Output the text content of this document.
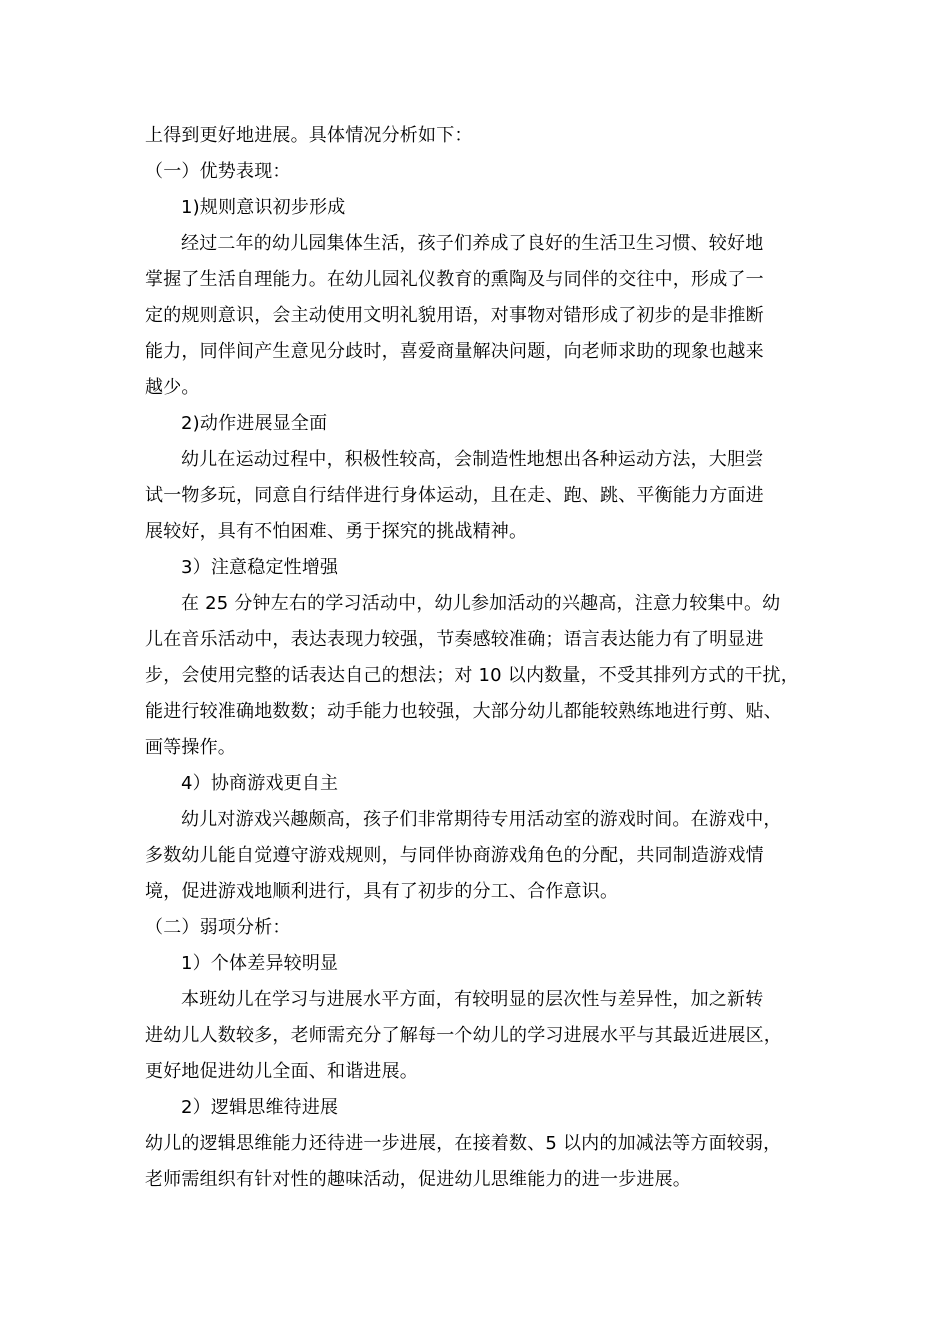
上得到更好地进展。具体情况分析如下：
（一）优势表现：
1)规则意识初步形成
经过二年的幼儿园集体生活，孩子们养成了良好的生活卫生习惯、较好地
掌握了生活自理能力。在幼儿园礼仪教育的熏陶及与同伴的交往中，形成了一
定的规则意识，会主动使用文明礼貌用语，对事物对错形成了初步的是非推断
能力，同伴间产生意见分歧时，喜爱商量解决问题，向老师求助的现象也越来
越少。
2)动作进展显全面
幼儿在运动过程中，积极性较高，会制造性地想出各种运动方法，大胆尝
试一物多玩，同意自行结伴进行身体运动，且在走、跑、跳、平衡能力方面进
展较好，具有不怕困难、勇于探究的挑战精神。
3）注意稳定性增强
在 25 分钟左右的学习活动中，幼儿参加活动的兴趣高，注意力较集中。幼
儿在音乐活动中，表达表现力较强，节奏感较准确；语言表达能力有了明显进
步，会使用完整的话表达自己的想法；对 10 以内数量，不受其排列方式的干扰，
能进行较准确地数数；动手能力也较强，大部分幼儿都能较熟练地进行剪、贴、
画等操作。
4）协商游戏更自主
幼儿对游戏兴趣颇高，孩子们非常期待专用活动室的游戏时间。在游戏中，
多数幼儿能自觉遵守游戏规则，与同伴协商游戏角色的分配，共同制造游戏情
境，促进游戏地顺利进行，具有了初步的分工、合作意识。
（二）弱项分析：
1）个体差异较明显
本班幼儿在学习与进展水平方面，有较明显的层次性与差异性，加之新转
进幼儿人数较多，老师需充分了解每一个幼儿的学习进展水平与其最近进展区，
更好地促进幼儿全面、和谐进展。
2）逻辑思维待进展
幼儿的逻辑思维能力还待进一步进展，在接着数、5 以内的加减法等方面较弱，
老师需组织有针对性的趣味活动，促进幼儿思维能力的进一步进展。
